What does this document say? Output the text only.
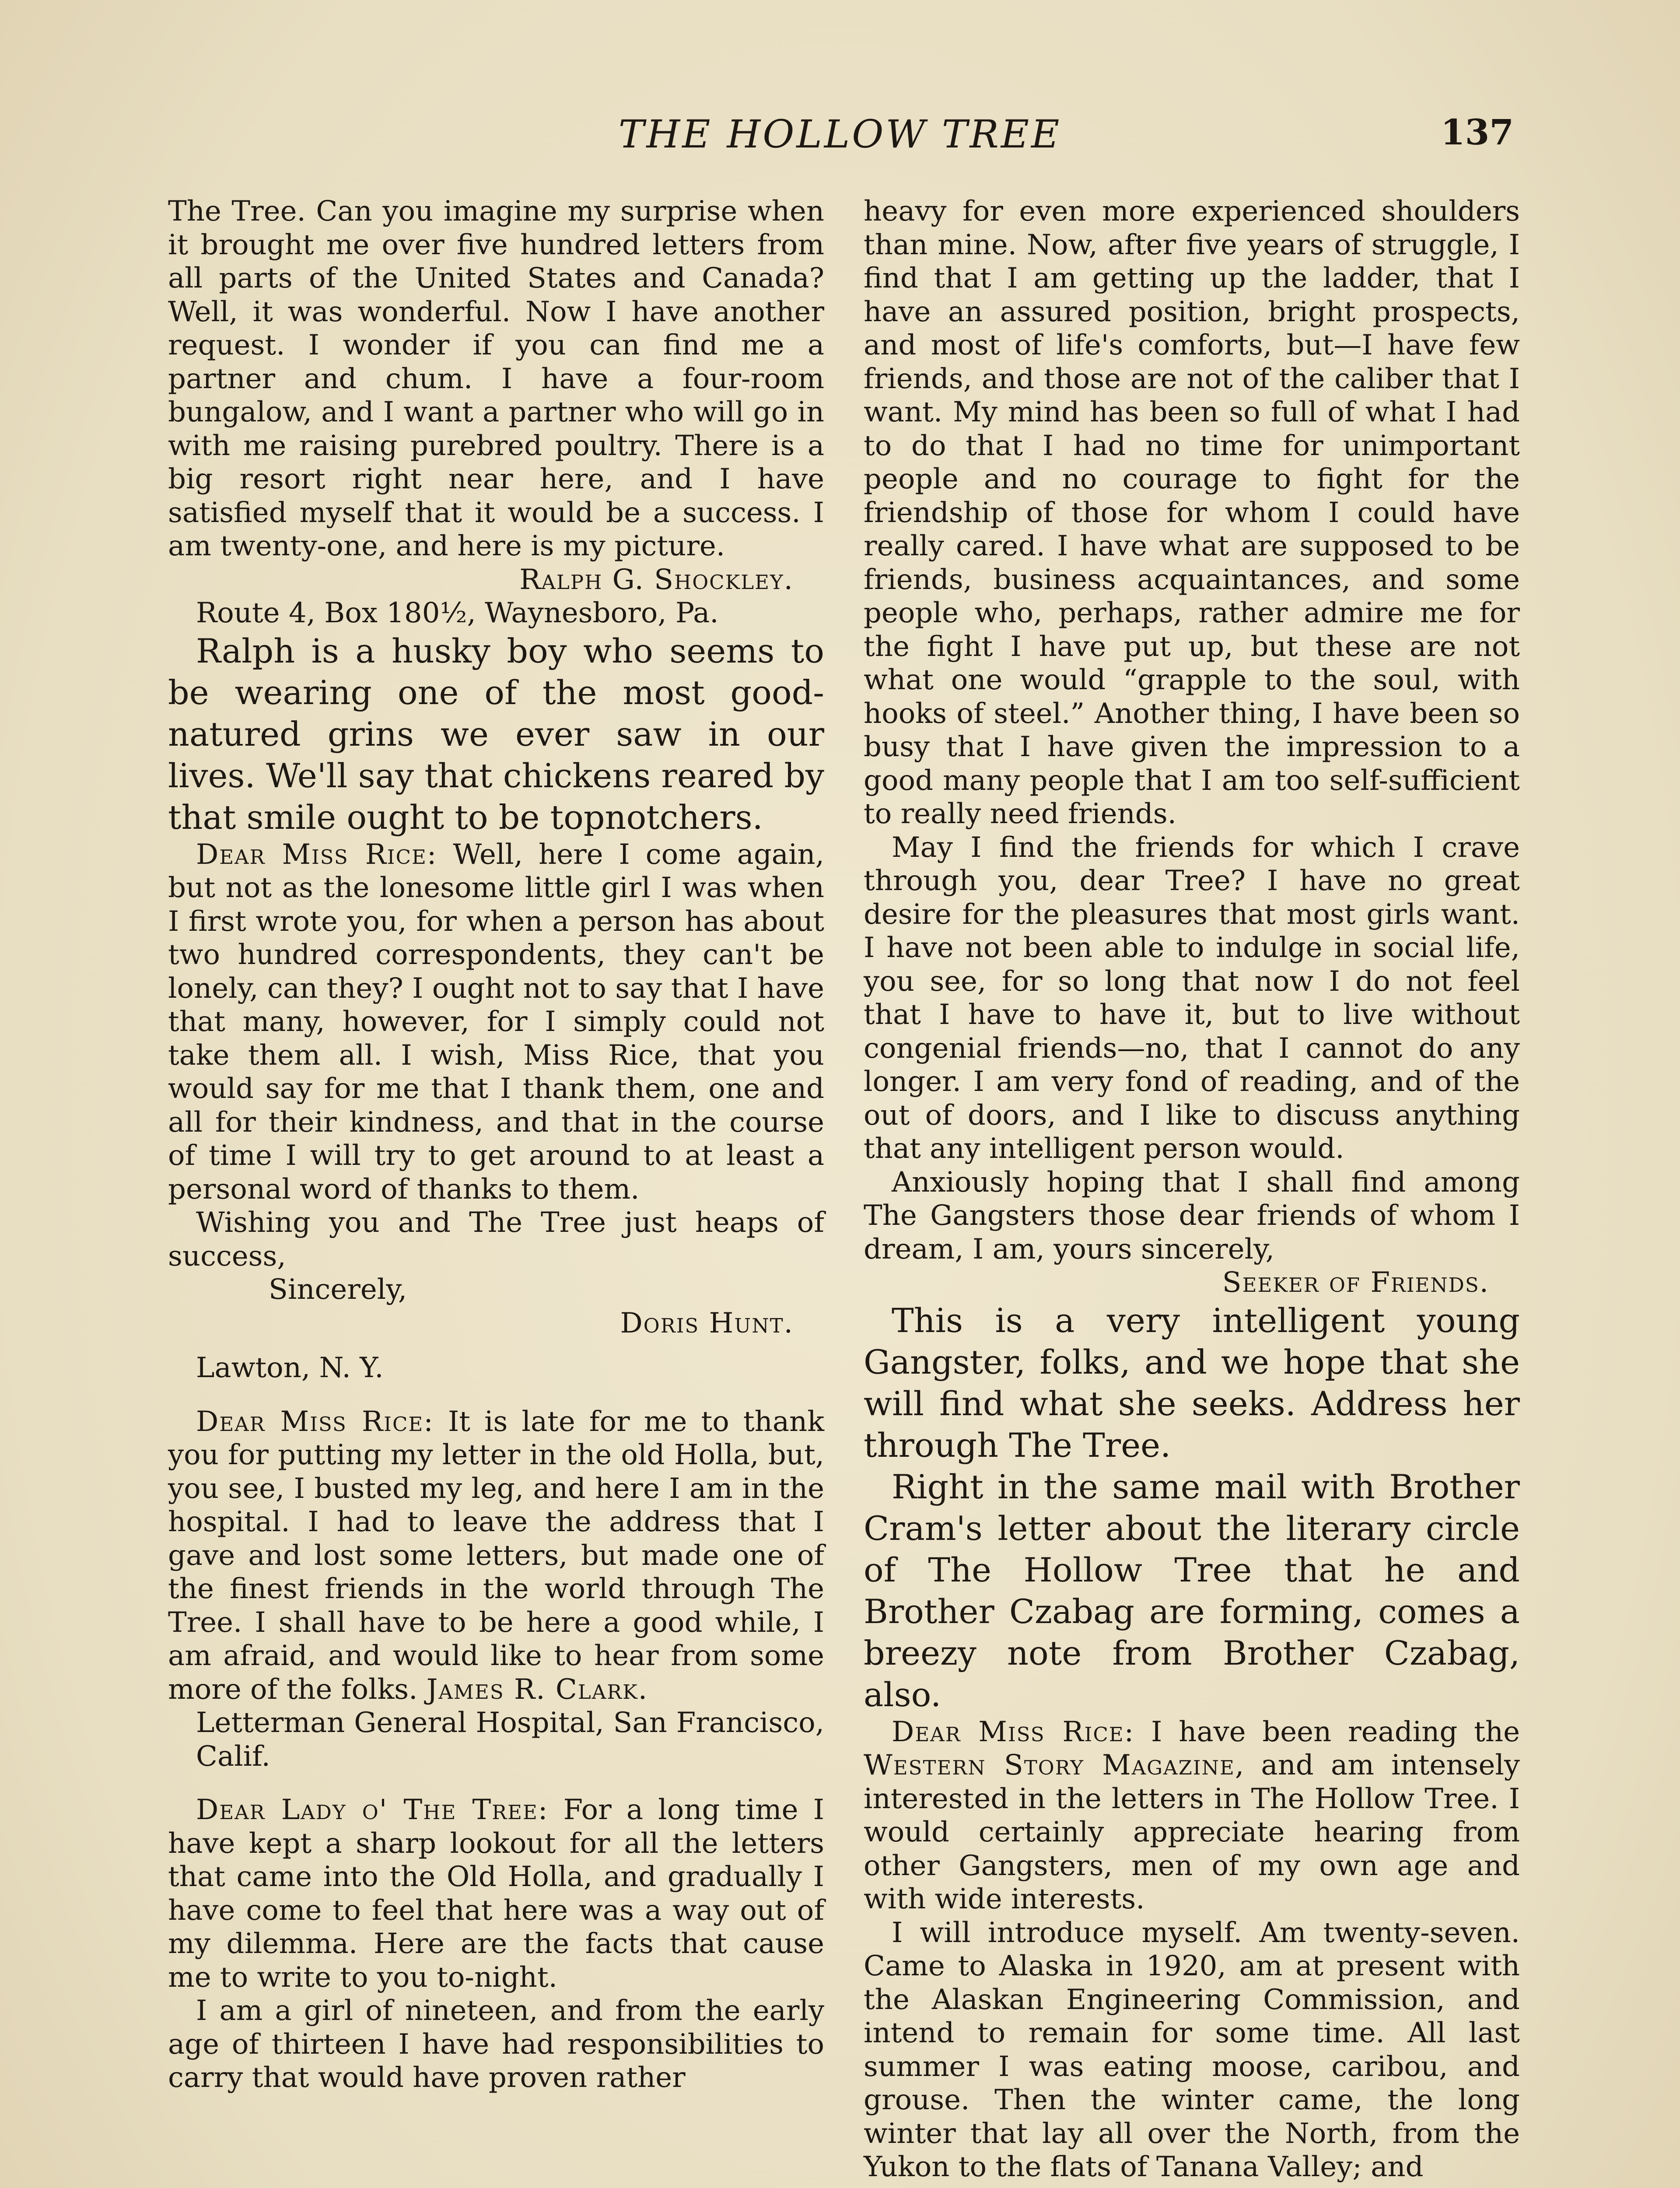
THE HOLLOW TREE	137

The Tree. Can you imagine my surprise when it brought me over five hundred letters from all parts of the United States and Canada? Well, it was wonderful. Now I have another request. I wonder if you can find me a partner and chum. I have a four-room bungalow, and I want a partner who will go in with me raising purebred poultry. There is a big resort right near here, and I have satisfied myself that it would be a success. I am twenty-one, and here is my picture.

Ralph G. Shockley.
Route 4, Box 180½, Waynesboro, Pa.

Ralph is a husky boy who seems to be wearing one of the most good-natured grins we ever saw in our lives. We'll say that chickens reared by that smile ought to be topnotchers.

Dear Miss Rice: Well, here I come again, but not as the lonesome little girl I was when I first wrote you, for when a person has about two hundred correspondents, they can't be lonely, can they? I ought not to say that I have that many, however, for I simply could not take them all. I wish, Miss Rice, that you would say for me that I thank them, one and all for their kindness, and that in the course of time I will try to get around to at least a personal word of thanks to them.

Wishing you and The Tree just heaps of success,

Sincerely,
Doris Hunt.
Lawton, N. Y.

Dear Miss Rice: It is late for me to thank you for putting my letter in the old Holla, but, you see, I busted my leg, and here I am in the hospital. I had to leave the address that I gave and lost some letters, but made one of the finest friends in the world through The Tree. I shall have to be here a good while, I am afraid, and would like to hear from some more of the folks. James R. Clark.

Letterman General Hospital, San Francisco, Calif.

Dear Lady o' The Tree: For a long time I have kept a sharp lookout for all the letters that came into the Old Holla, and gradually I have come to feel that here was a way out of my dilemma. Here are the facts that cause me to write to you to-night.

I am a girl of nineteen, and from the early age of thirteen I have had responsibilities to carry that would have proven rather

heavy for even more experienced shoulders than mine. Now, after five years of struggle, I find that I am getting up the ladder, that I have an assured position, bright prospects, and most of life's comforts, but—I have few friends, and those are not of the caliber that I want. My mind has been so full of what I had to do that I had no time for unimportant people and no courage to fight for the friendship of those for whom I could have really cared. I have what are supposed to be friends, business acquaintances, and some people who, perhaps, rather admire me for the fight I have put up, but these are not what one would “grapple to the soul, with hooks of steel.” Another thing, I have been so busy that I have given the impression to a good many people that I am too self-sufficient to really need friends.

May I find the friends for which I crave through you, dear Tree? I have no great desire for the pleasures that most girls want. I have not been able to indulge in social life, you see, for so long that now I do not feel that I have to have it, but to live without congenial friends—no, that I cannot do any longer. I am very fond of reading, and of the out of doors, and I like to discuss anything that any intelligent person would.

Anxiously hoping that I shall find among The Gangsters those dear friends of whom I dream, I am, yours sincerely,

Seeker of Friends.

This is a very intelligent young Gangster, folks, and we hope that she will find what she seeks. Address her through The Tree.

Right in the same mail with Brother Cram's letter about the literary circle of The Hollow Tree that he and Brother Czabag are forming, comes a breezy note from Brother Czabag, also.

Dear Miss Rice: I have been reading the Western Story Magazine, and am intensely interested in the letters in The Hollow Tree. I would certainly appreciate hearing from other Gangsters, men of my own age and with wide interests.

I will introduce myself. Am twenty-seven. Came to Alaska in 1920, am at present with the Alaskan Engineering Commission, and intend to remain for some time. All last summer I was eating moose, caribou, and grouse. Then the winter came, the long winter that lay all over the North, from the Yukon to the flats of Tanana Valley; and
